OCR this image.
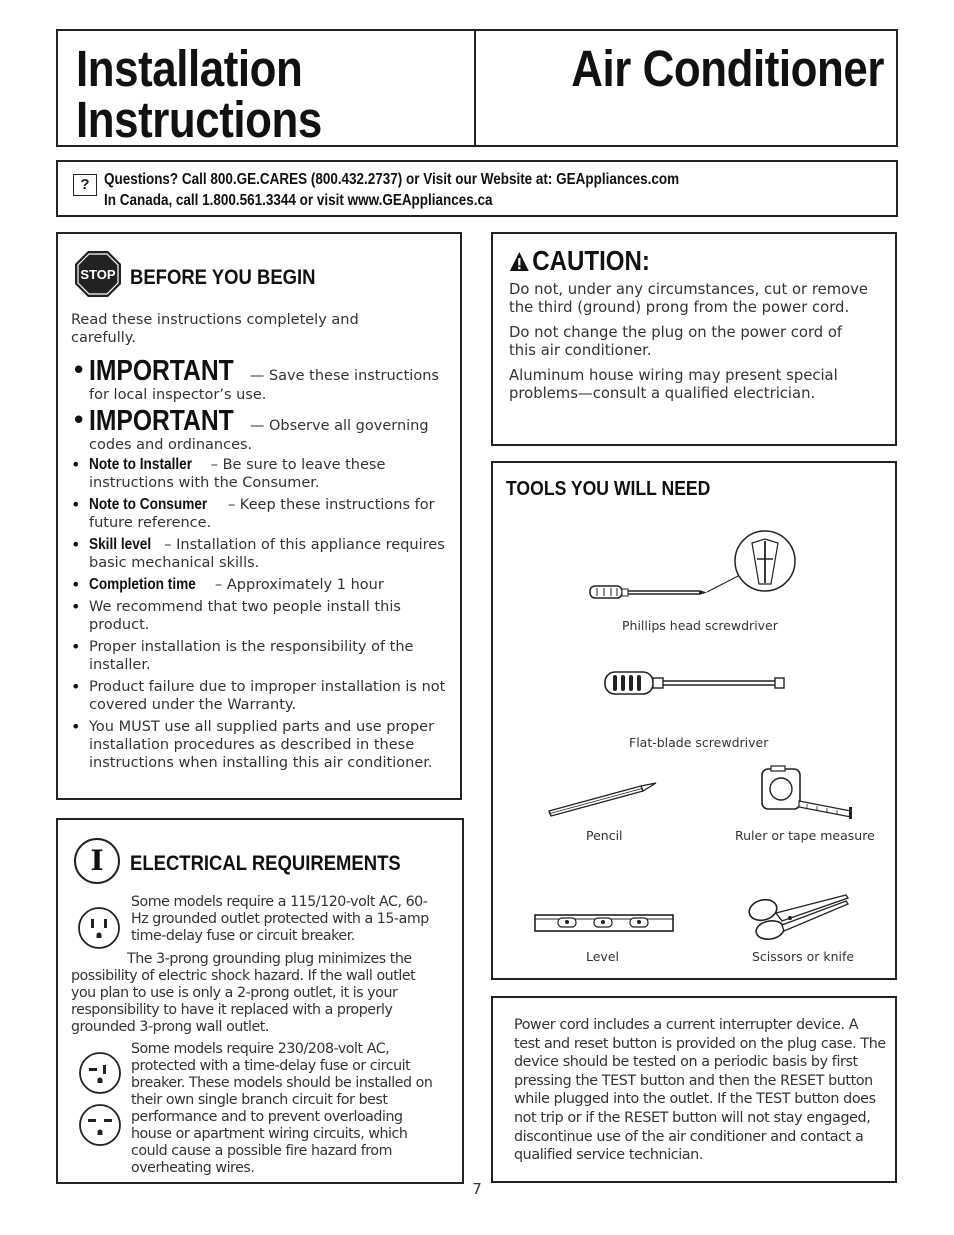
Installation
Instructions
Air Conditioner
? Questions? Call 800.GE.CARES (800.432.2737) or Visit our Website at: GEAppliances.com
In Canada, call 1.800.561.3344 or visit www.GEAppliances.ca
STOP BEFORE YOU BEGIN
Read these instructions completely and carefully.
• IMPORTANT — Save these instructions for local inspector’s use.
• IMPORTANT — Observe all governing codes and ordinances.
• Note to Installer – Be sure to leave these instructions with the Consumer.
• Note to Consumer – Keep these instructions for future reference.
• Skill level – Installation of this appliance requires basic mechanical skills.
• Completion time – Approximately 1 hour
• We recommend that two people install this product.
• Proper installation is the responsibility of the installer.
• Product failure due to improper installation is not covered under the Warranty.
• You MUST use all supplied parts and use proper installation procedures as described in these instructions when installing this air conditioner.
I	ELECTRICAL REQUIREMENTS
Some models require a 115/120-volt AC, 60-Hz grounded outlet protected with a 15-amp time-delay fuse or circuit breaker.
The 3-prong grounding plug minimizes the possibility of electric shock hazard. If the wall outlet you plan to use is only a 2-prong outlet, it is your responsibility to have it replaced with a properly grounded 3-prong wall outlet.
Some models require 230/208-volt AC, protected with a time-delay fuse or circuit breaker. These models should be installed on their own single branch circuit for best performance and to prevent overloading house or apartment wiring circuits, which could cause a possible fire hazard from overheating wires.
CAUTION:

Do not, under any circumstances, cut or remove the third (ground) prong from the power cord.

Do not change the plug on the power cord of this air conditioner.

Aluminum house wiring may present special problems—consult a qualified electrician.

TOOLS YOU WILL NEED
Phillips head screwdriver
Flat-blade screwdriver
Pencil	Ruler or tape measure
Level	Scissors or knife

Power cord includes a current interrupter device. A test and reset button is provided on the plug case. The device should be tested on a periodic basis by first pressing the TEST button and then the RESET button while plugged into the outlet. If the TEST button does not trip or if the RESET button will not stay engaged, discontinue use of the air conditioner and contact a qualified service technician.

7
